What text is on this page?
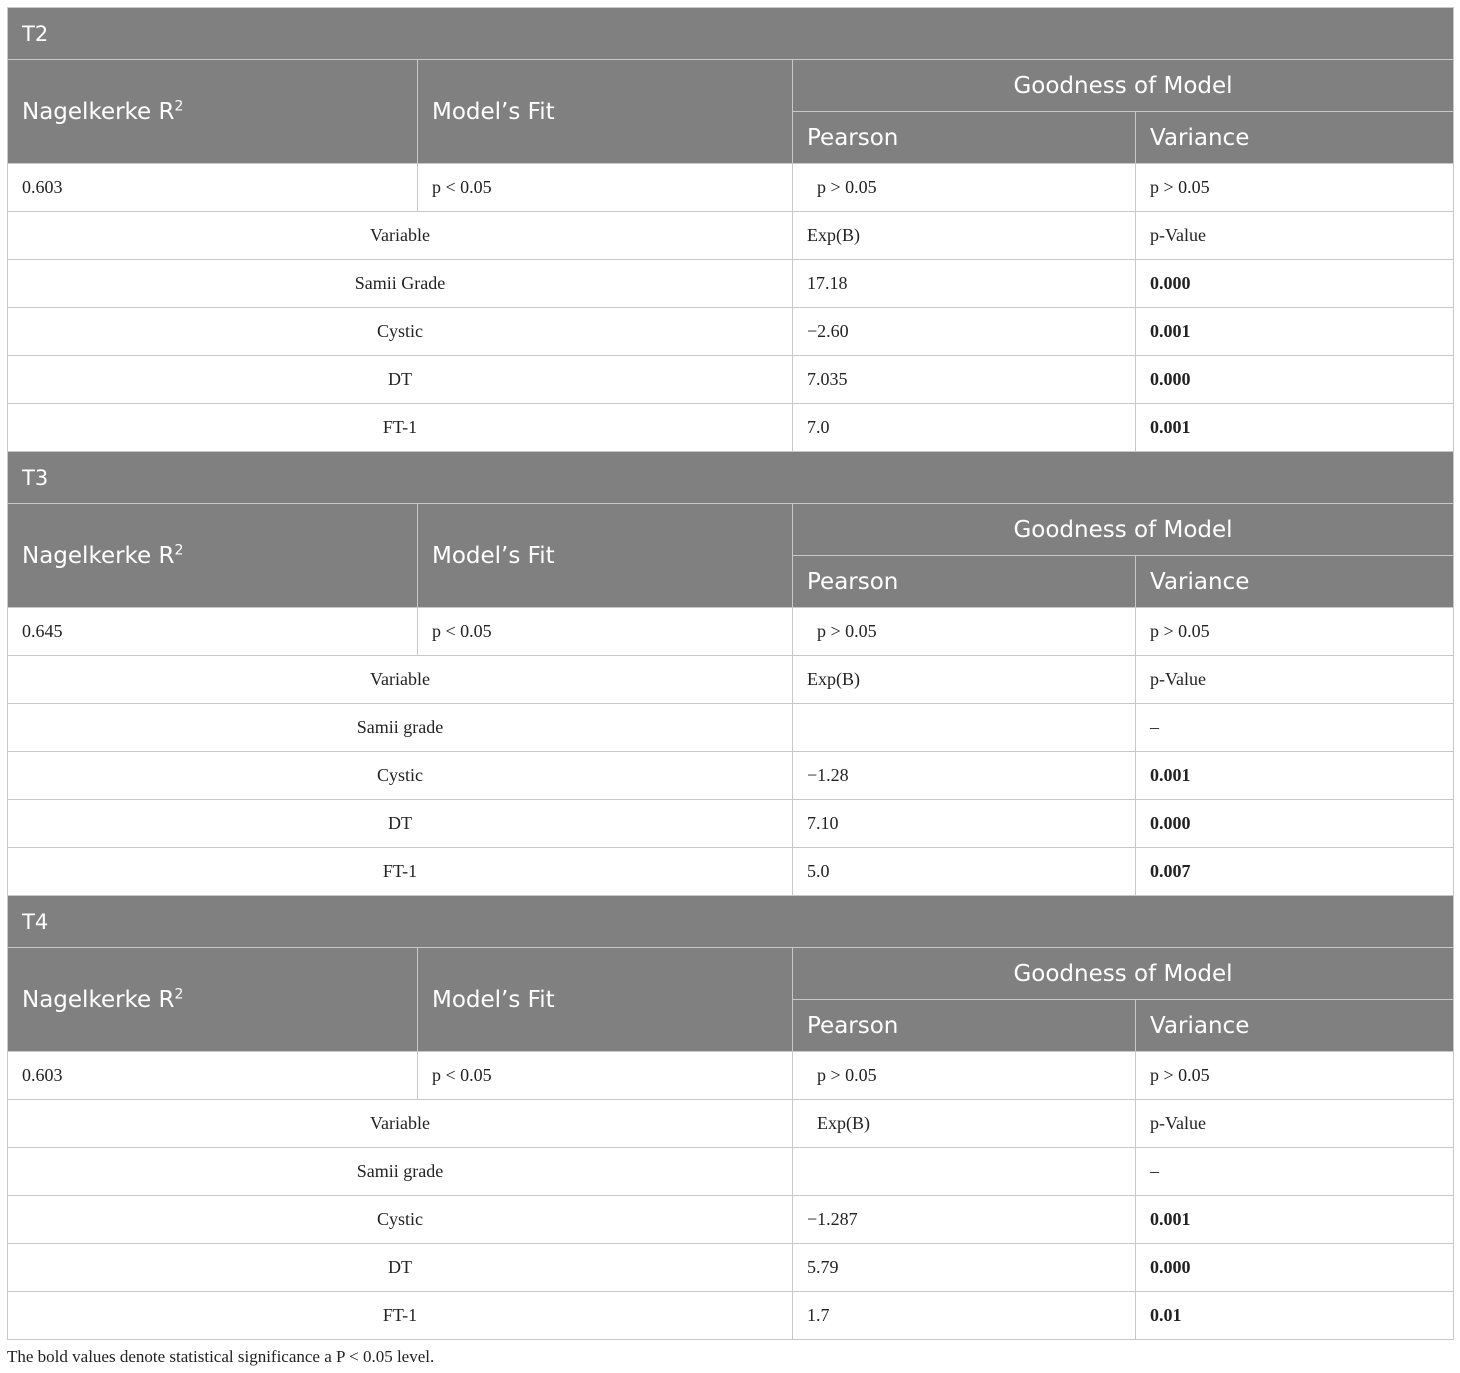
T2			
Nagelkerke $R^2$	Model’s Fit	Goodness of Model	
		Pearson	Variance
0.603	p < 0.05	p > 0.05	p > 0.05
Variable		Exp(B)	p-Value
Samii Grade		17.18	0.000
Cystic		−2.60	0.001
DT		7.035	0.000
FT-1		7.0	0.001
T3			
Nagelkerke $R^2$	Model’s Fit	Goodness of Model	
		Pearson	Variance
0.645	p < 0.05	p > 0.05	p > 0.05
Variable		Exp(B)	p-Value
Samii grade			–
Cystic		−1.28	0.001
DT		7.10	0.000
FT-1		5.0	0.007
T4			
Nagelkerke $R^2$	Model’s Fit	Goodness of Model	
		Pearson	Variance
0.603	p < 0.05	p > 0.05	p > 0.05
Variable		Exp(B)	p-Value
Samii grade			–
Cystic		−1.287	0.001
DT		5.79	0.000
FT-1		1.7	0.01
The bold values denote statistical significance a P < 0.05 level.
